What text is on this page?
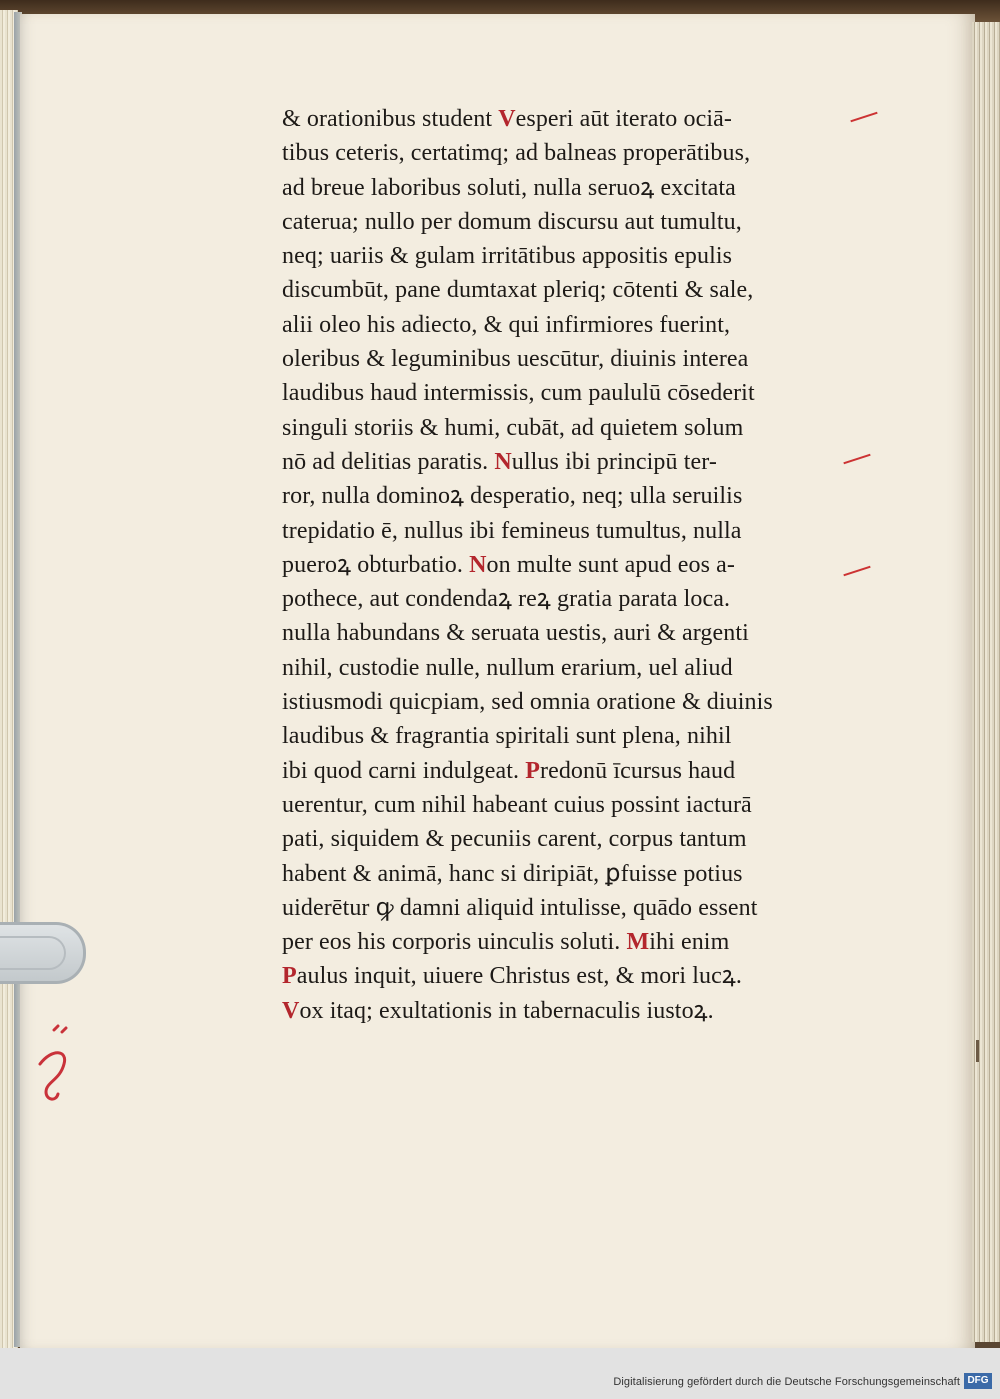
& orationibus student Vesperi aūt iterato ociā-
tibus ceteris, certatimq; ad balneas properātibus,
ad breue laboribus soluti, nulla seruoꝝ excitata
caterua; nullo per domum discursu aut tumultu,
neq; uariis & gulam irritātibus appositis epulis
discumbūt, pane dumtaxat pleriq; cōtenti & sale,
alii oleo his adiecto, & qui infirmiores fuerint,
oleribus & leguminibus uescūtur, diuinis interea
laudibus haud intermissis, cum paululū cōsederit
singuli storiis & humi, cubāt, ad quietem solum
nō ad delitias paratis. Nullus ibi principū ter-
ror, nulla dominoꝝ desperatio, neq; ulla seruilis
trepidatio ē, nullus ibi femineus tumultus, nulla
pueroꝝ obturbatio. Non multe sunt apud eos a-
pothece, aut condendaꝝ reꝝ gratia parata loca.
nulla habundans & seruata uestis, auri & argenti
nihil, custodie nulle, nullum erarium, uel aliud
istiusmodi quicpiam, sed omnia oratione & diuinis
laudibus & fragrantia spiritali sunt plena, nihil
ibi quod carni indulgeat. Predonū īcursus haud
uerentur, cum nihil habeant cuius possint iacturā
pati, siquidem & pecuniis carent, corpus tantum
habent & animā, hanc si diripiāt, ꝑfuisse potius
uiderētur ꝙ damni aliquid intulisse, quādo essent
per eos his corporis uinculis soluti. Mihi enim
Paulus inquit, uiuere Christus est, & mori lucꝝ.
Vox itaq; exultationis in tabernaculis iustoꝝ.
Digitalisierung gefördert durch die Deutsche Forschungsgemeinschaft DFG
